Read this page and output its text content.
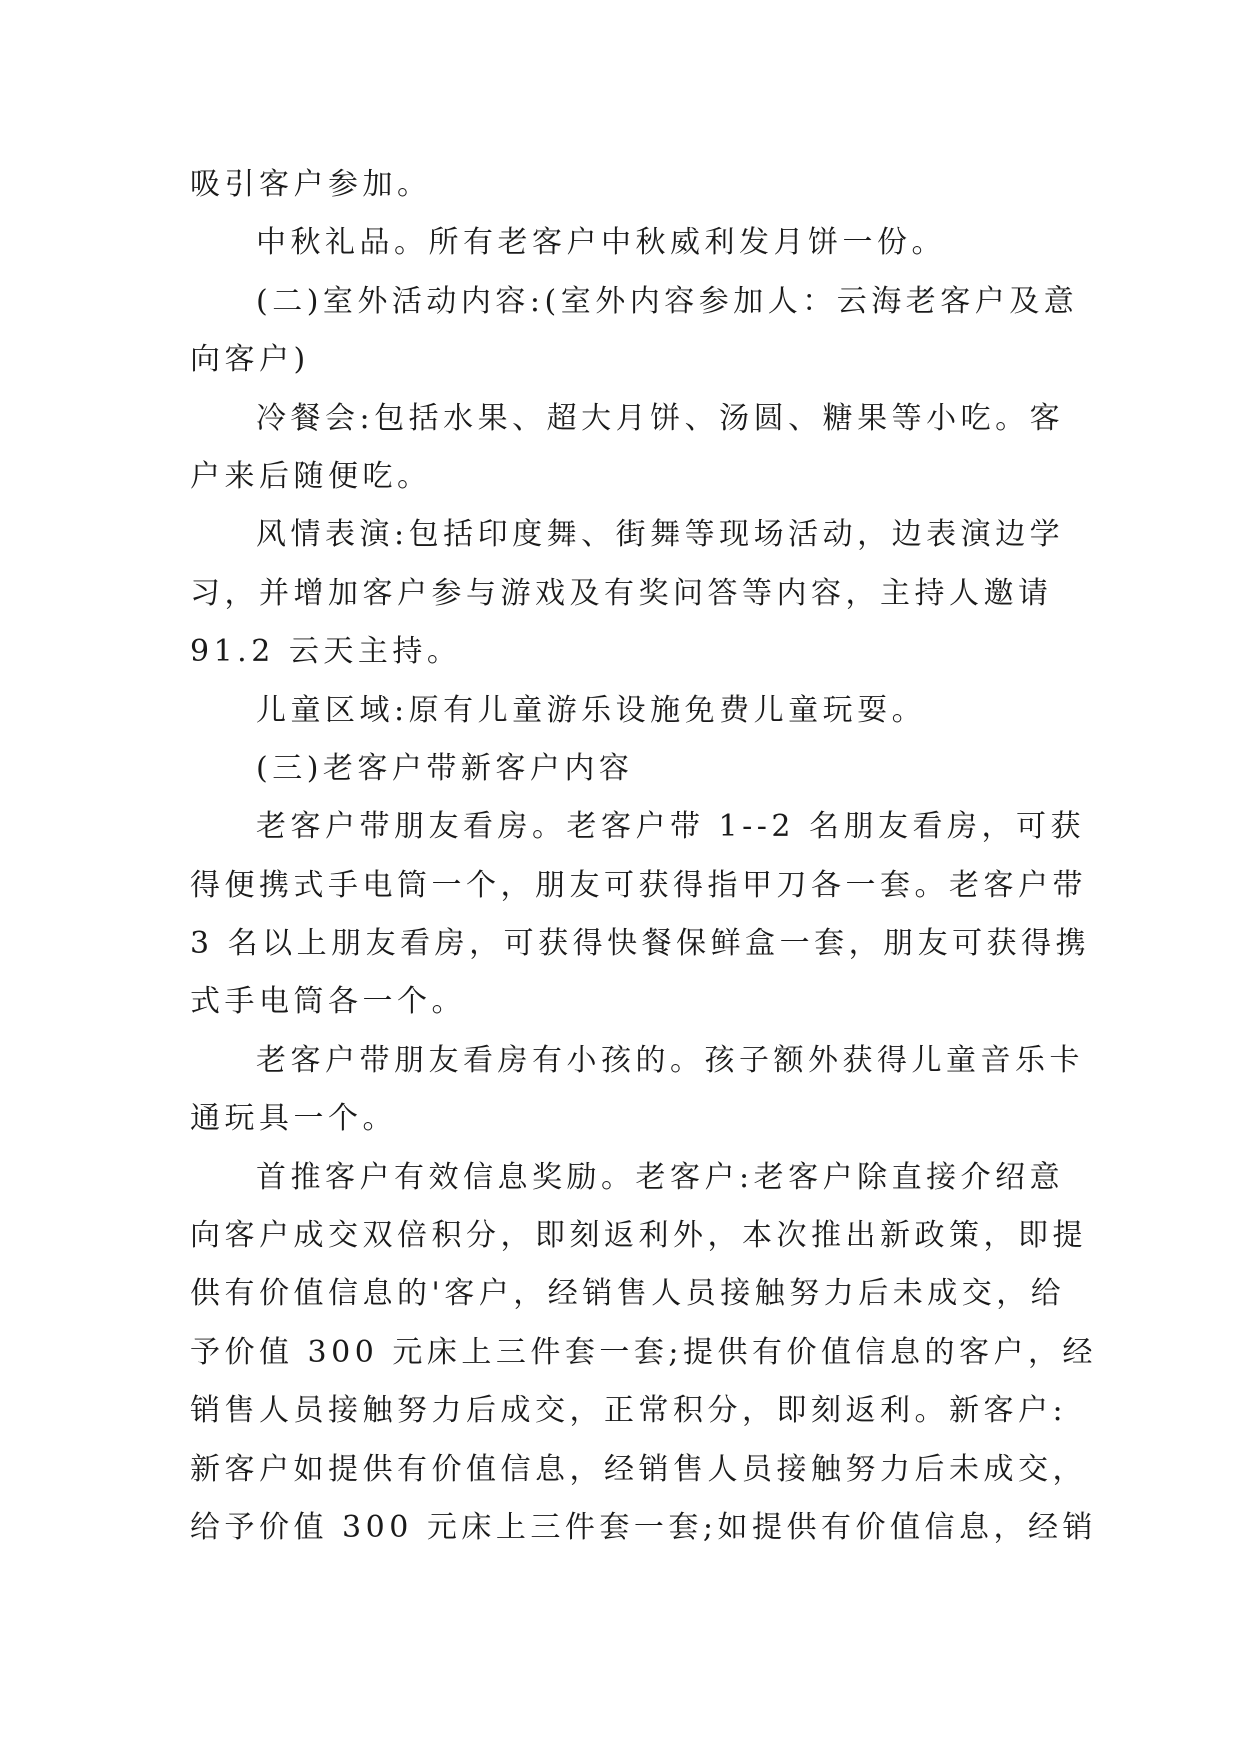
吸引客户参加。
中秋礼品。所有老客户中秋威利发月饼一份。
(二)室外活动内容:(室外内容参加人：云海老客户及意
向客户)
冷餐会:包括水果、超大月饼、汤圆、糖果等小吃。客
户来后随便吃。
风情表演:包括印度舞、街舞等现场活动，边表演边学
习，并增加客户参与游戏及有奖问答等内容，主持人邀请
91.2 云天主持。
儿童区域:原有儿童游乐设施免费儿童玩耍。
(三)老客户带新客户内容
老客户带朋友看房。老客户带 1--2 名朋友看房，可获
得便携式手电筒一个，朋友可获得指甲刀各一套。老客户带
3 名以上朋友看房，可获得快餐保鲜盒一套，朋友可获得携
式手电筒各一个。
老客户带朋友看房有小孩的。孩子额外获得儿童音乐卡
通玩具一个。
首推客户有效信息奖励。老客户:老客户除直接介绍意
向客户成交双倍积分，即刻返利外，本次推出新政策，即提
供有价值信息的'客户，经销售人员接触努力后未成交，给
予价值 300 元床上三件套一套;提供有价值信息的客户，经
销售人员接触努力后成交，正常积分，即刻返利。新客户:
新客户如提供有价值信息，经销售人员接触努力后未成交，
给予价值 300 元床上三件套一套;如提供有价值信息，经销
